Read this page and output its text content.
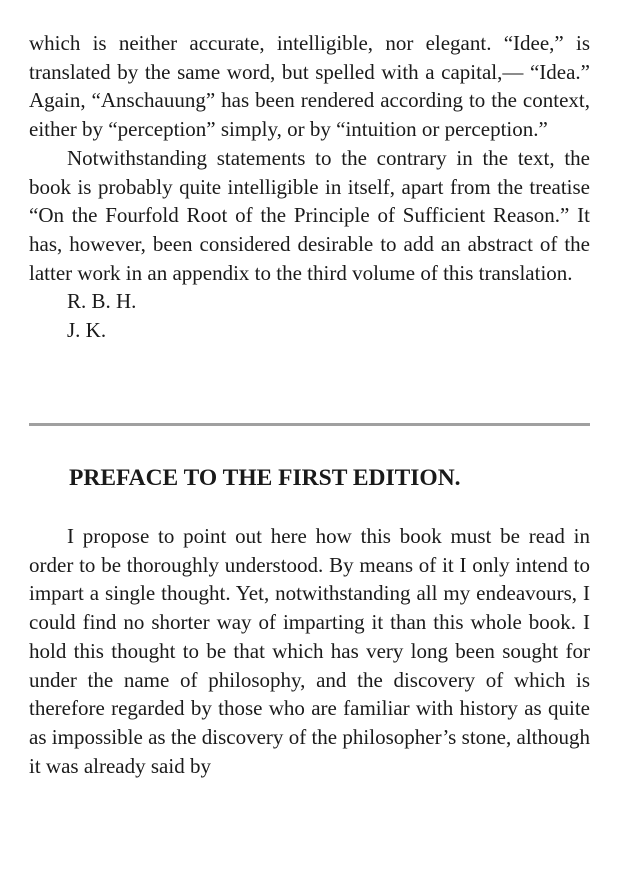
which is neither accurate, intelligible, nor elegant. “Idee,” is translated by the same word, but spelled with a capital,— “Idea.” Again, “Anschauung” has been rendered according to the context, either by “perception” simply, or by “intuition or perception.”

Notwithstanding statements to the contrary in the text, the book is probably quite intelligible in itself, apart from the treatise “On the Fourfold Root of the Principle of Sufficient Reason.” It has, however, been considered desirable to add an abstract of the latter work in an appendix to the third volume of this translation.

R. B. H.

J. K.

PREFACE TO THE FIRST EDITION.

I propose to point out here how this book must be read in order to be thoroughly understood. By means of it I only intend to impart a single thought. Yet, notwithstanding all my endeavours, I could find no shorter way of imparting it than this whole book. I hold this thought to be that which has very long been sought for under the name of philosophy, and the discovery of which is therefore regarded by those who are familiar with history as quite as impossible as the discovery of the philosopher’s stone, although it was already said by
